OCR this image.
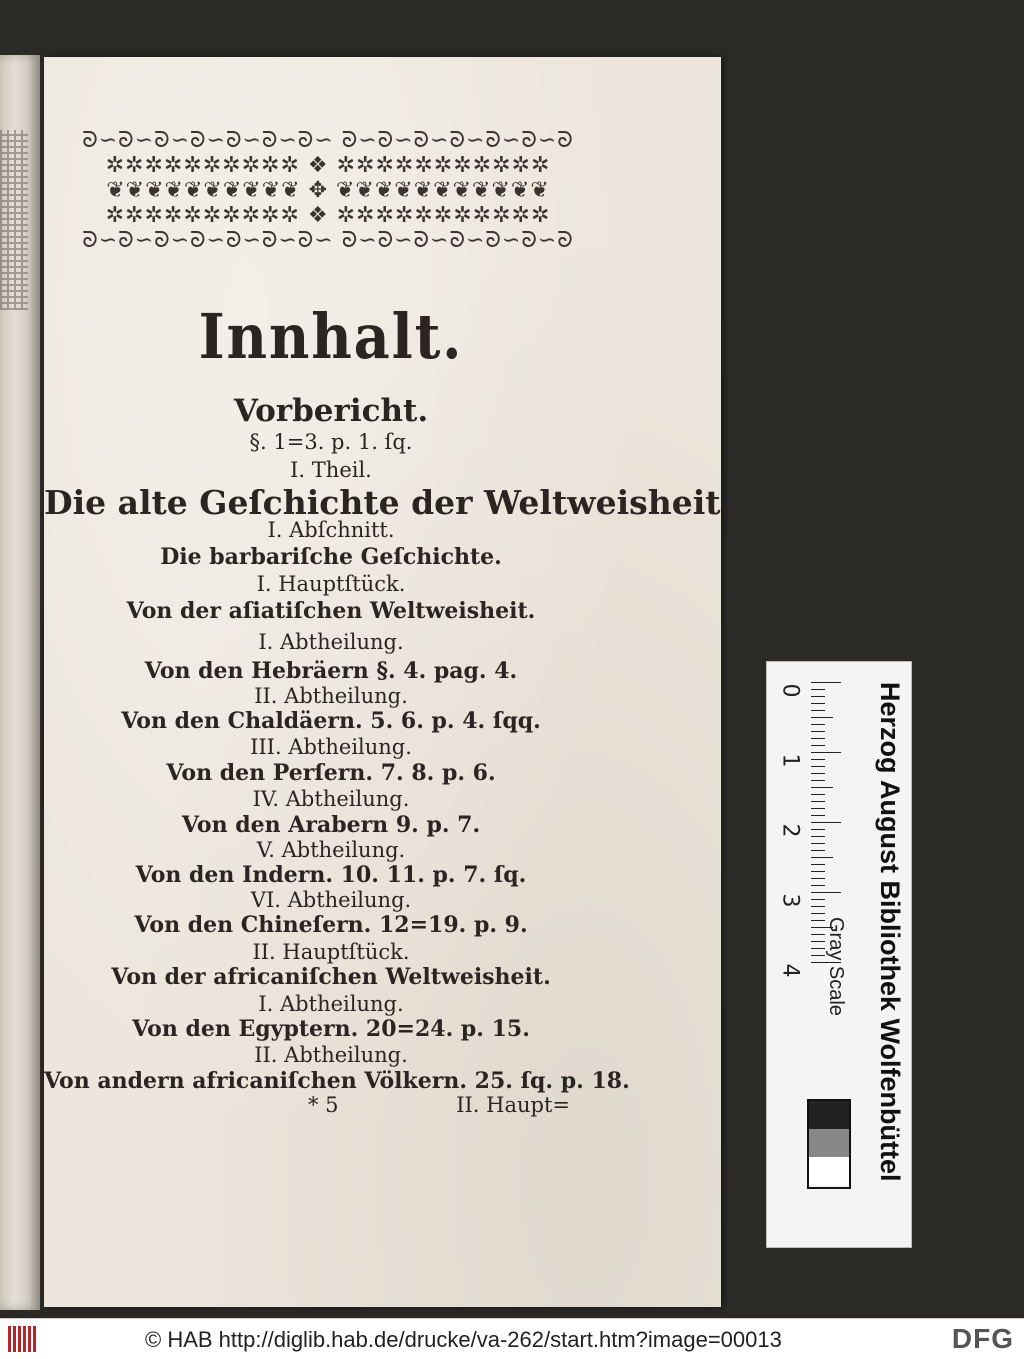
ᘐ∽ᘐ∽ᘐ∽ᘐ∽ᘐ∽ᘐ∽ᘐ∽ ᘐ∽ᘐ∽ᘐ∽ᘐ∽ᘐ∽ᘐ∽ᘐ
✲✲✲✲✲✲✲✲✲✲ ❖ ✲✲✲✲✲✲✲✲✲✲✲
❦❦❦❦❦❦❦❦❦❦ ✥ ❦❦❦❦❦❦❦❦❦❦❦
✲✲✲✲✲✲✲✲✲✲ ❖ ✲✲✲✲✲✲✲✲✲✲✲
ᘐ∽ᘐ∽ᘐ∽ᘐ∽ᘐ∽ᘐ∽ᘐ∽ ᘐ∽ᘐ∽ᘐ∽ᘐ∽ᘐ∽ᘐ∽ᘐ
Innhalt.
Vorbericht.
§. 1=3. p. 1. ſq.
I. Theil.
Die alte Geſchichte der Weltweisheit.
I. Abſchnitt.
Die barbariſche Geſchichte.
I. Hauptſtück.
Von der aſiatiſchen Weltweisheit.
I. Abtheilung.
Von den Hebräern §. 4. pag. 4.
II. Abtheilung.
Von den Chaldäern. 5. 6. p. 4. ſqq.
III. Abtheilung.
Von den Perſern. 7. 8. p. 6.
IV. Abtheilung.
Von den Arabern 9. p. 7.
V. Abtheilung.
Von den Indern. 10. 11. p. 7. ſq.
VI. Abtheilung.
Von den Chineſern. 12=19. p. 9.
II. Hauptſtück.
Von der africaniſchen Weltweisheit.
I. Abtheilung.
Von den Egyptern. 20=24. p. 15.
II. Abtheilung.
Von andern africaniſchen Völkern. 25. ſq. p. 18.
* 5	II. Haupt=
0
1
2
3
4 Gray Scale Herzog August Bibliothek Wolfenbüttel
© HAB http://diglib.hab.de/drucke/va-262/start.htm?image=00013	DFG
